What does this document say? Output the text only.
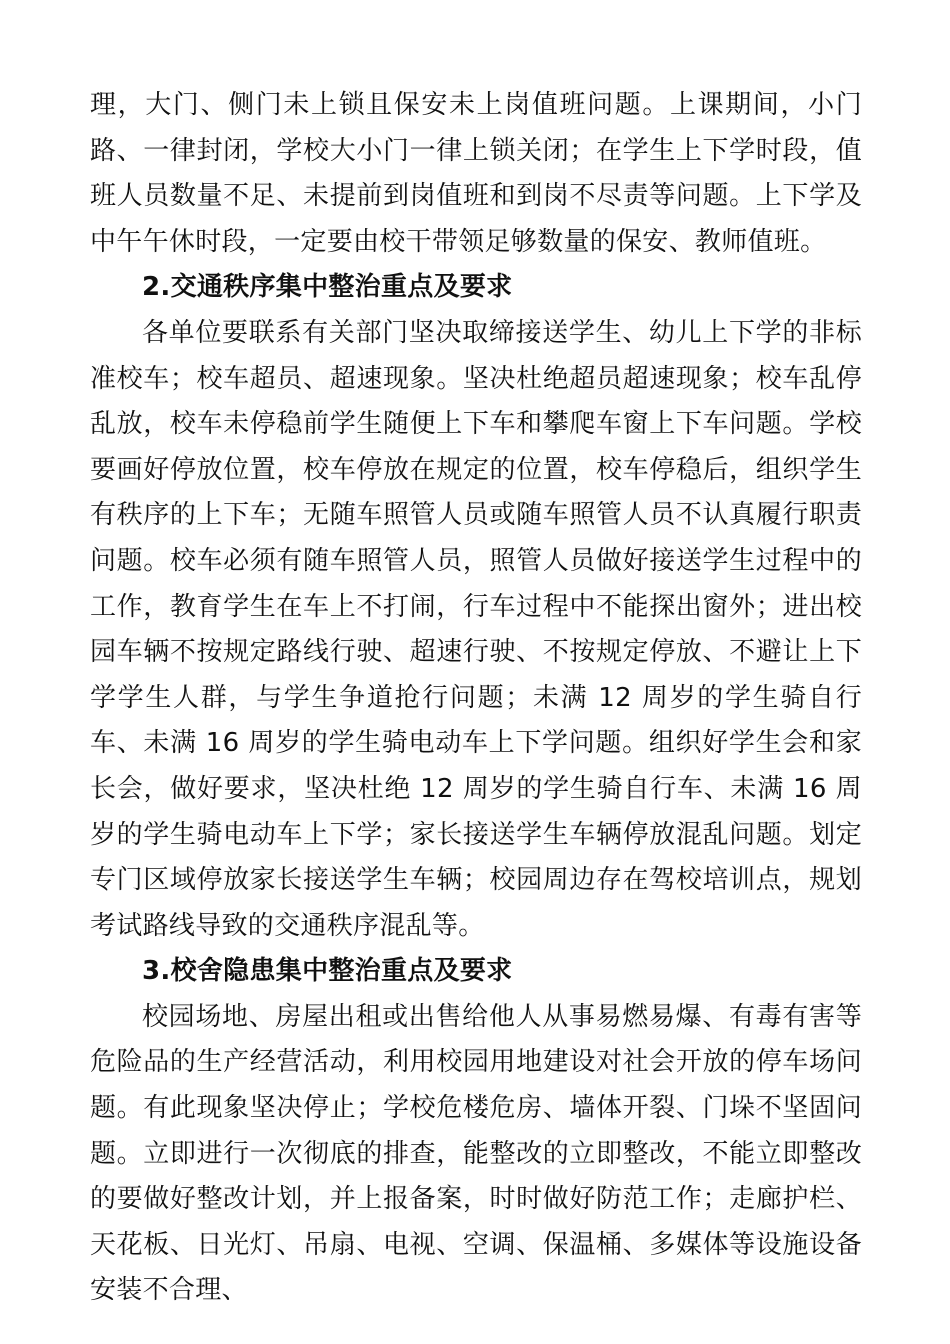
理，大门、侧门未上锁且保安未上岗值班问题。上课期间，小门路、一律封闭，学校大小门一律上锁关闭；在学生上下学时段，值班人员数量不足、未提前到岗值班和到岗不尽责等问题。上下学及中午午休时段，一定要由校干带领足够数量的保安、教师值班。

2.交通秩序集中整治重点及要求

各单位要联系有关部门坚决取缔接送学生、幼儿上下学的非标准校车；校车超员、超速现象。坚决杜绝超员超速现象；校车乱停乱放，校车未停稳前学生随便上下车和攀爬车窗上下车问题。学校要画好停放位置，校车停放在规定的位置，校车停稳后，组织学生有秩序的上下车；无随车照管人员或随车照管人员不认真履行职责问题。校车必须有随车照管人员，照管人员做好接送学生过程中的工作，教育学生在车上不打闹，行车过程中不能探出窗外；进出校园车辆不按规定路线行驶、超速行驶、不按规定停放、不避让上下学学生人群，与学生争道抢行问题；未满 12 周岁的学生骑自行车、未满 16 周岁的学生骑电动车上下学问题。组织好学生会和家长会，做好要求，坚决杜绝 12 周岁的学生骑自行车、未满 16 周岁的学生骑电动车上下学；家长接送学生车辆停放混乱问题。划定专门区域停放家长接送学生车辆；校园周边存在驾校培训点，规划考试路线导致的交通秩序混乱等。

3.校舍隐患集中整治重点及要求

校园场地、房屋出租或出售给他人从事易燃易爆、有毒有害等危险品的生产经营活动，利用校园用地建设对社会开放的停车场问题。有此现象坚决停止；学校危楼危房、墙体开裂、门垛不坚固问题。立即进行一次彻底的排查，能整改的立即整改，不能立即整改的要做好整改计划，并上报备案，时时做好防范工作；走廊护栏、天花板、日光灯、吊扇、电视、空调、保温桶、多媒体等设施设备安装不合理、
